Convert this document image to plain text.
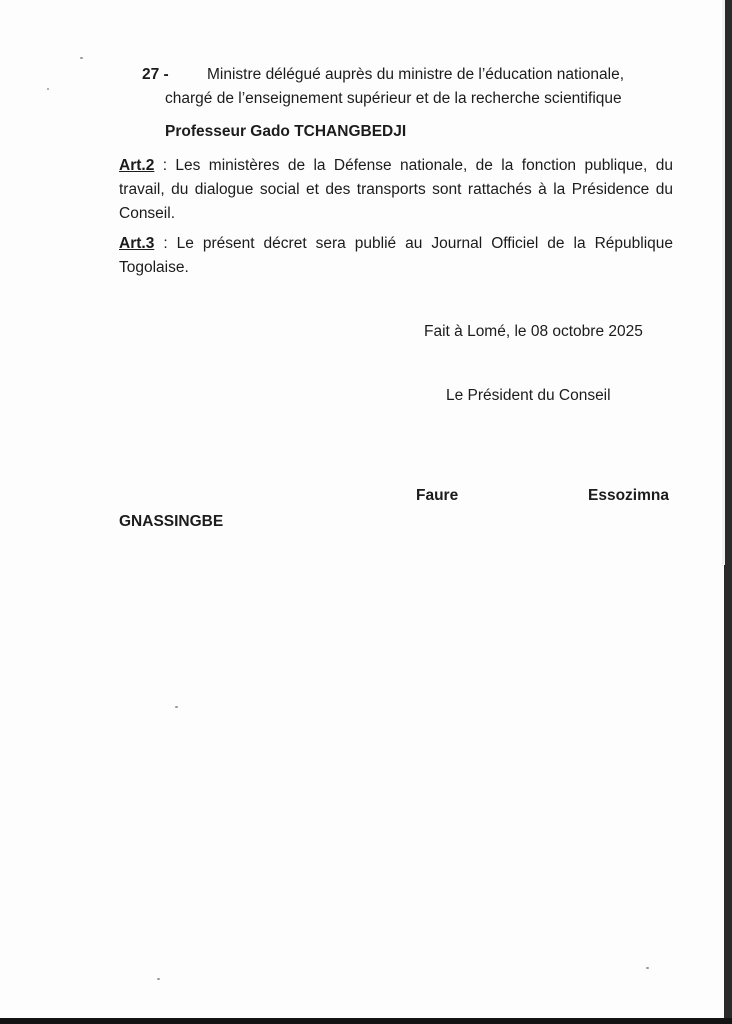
27 - Ministre délégué auprès du ministre de l’éducation nationale,
chargé de l’enseignement supérieur et de la recherche scientifique
Professeur Gado TCHANGBEDJI
Art.2 : Les ministères de la Défense nationale, de la fonction publique, du travail, du dialogue social et des transports sont rattachés à la Présidence du Conseil.
Art.3 : Le présent décret sera publié au Journal Officiel de la République Togolaise.
Fait à Lomé, le 08 octobre 2025
Le Président du Conseil
Faure	Essozimna
GNASSINGBE
